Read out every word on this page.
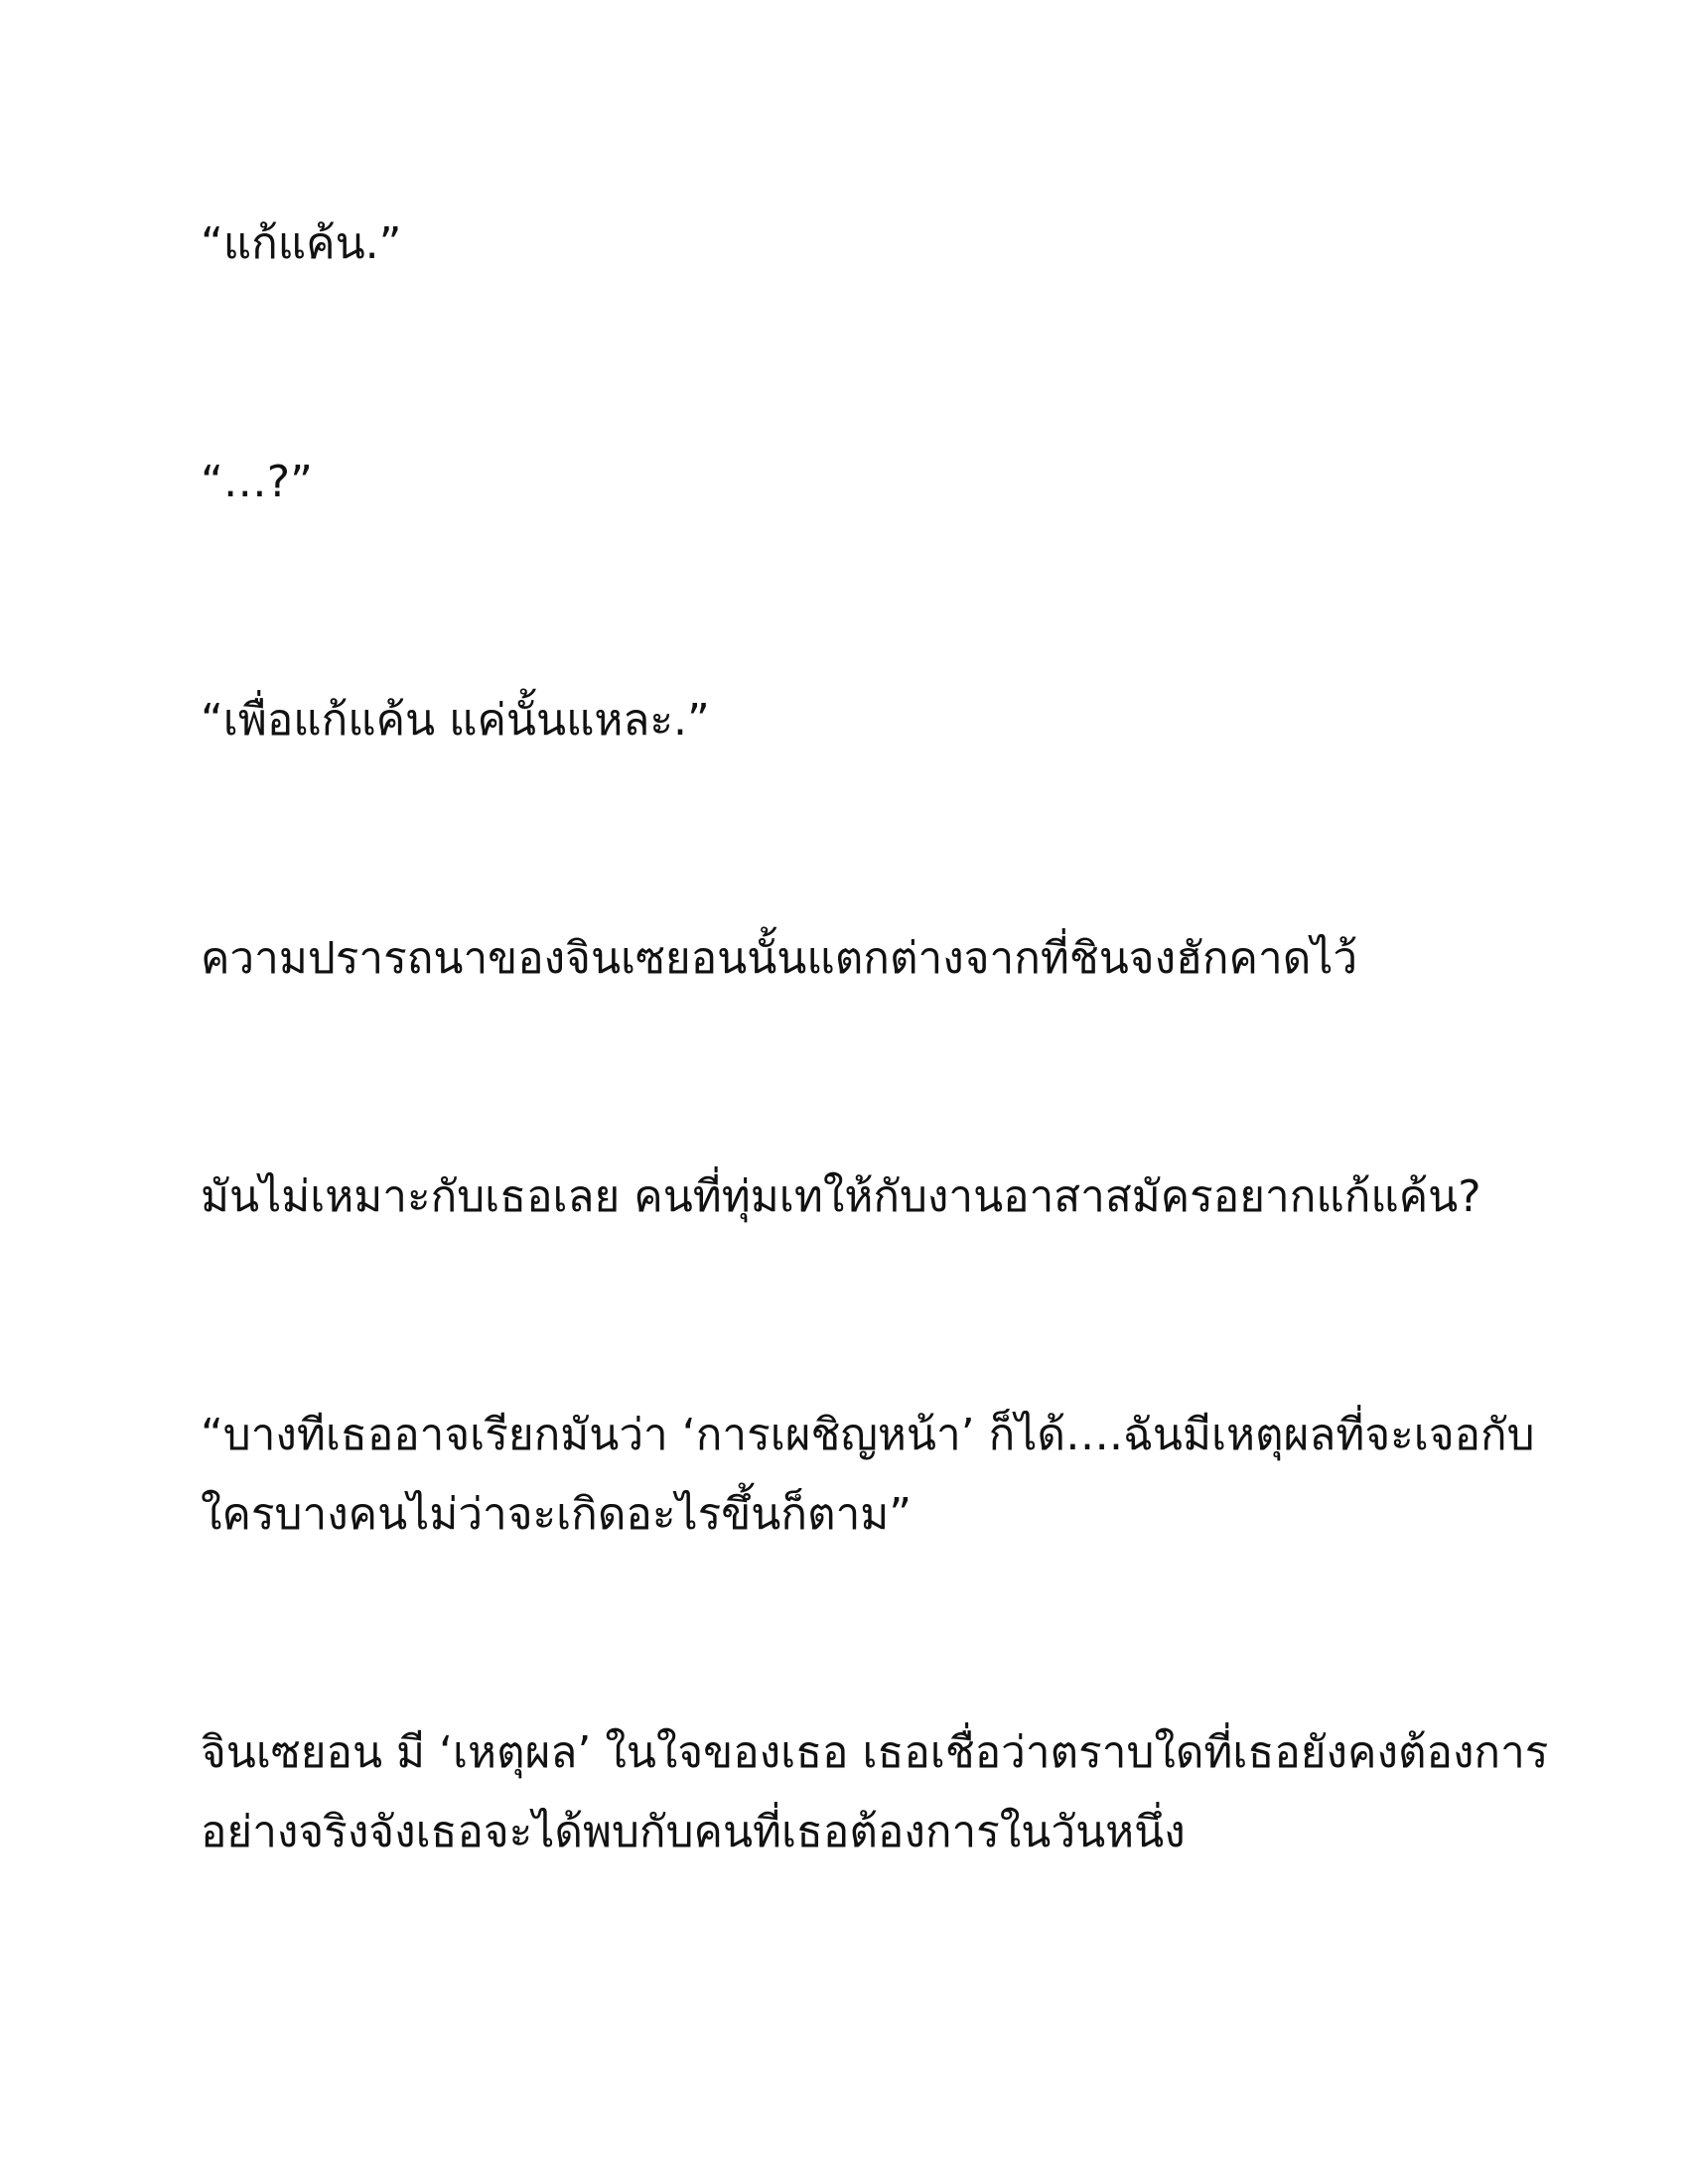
“แก้แค้น.”

“…?”

“เพื่อแก้แค้น แค่นั้นแหละ.”

ความปรารถนาของจินเซยอนนั้นแตกต่างจากที่ชินจงฮักคาดไว้

มันไม่เหมาะกับเธอเลย คนที่ทุ่มเทให้กับงานอาสาสมัครอยากแก้แค้น?

“บางทีเธออาจเรียกมันว่า ‘การเผชิญหน้า’ ก็ได้….ฉันมีเหตุผลที่จะเจอกับ
ใครบางคนไม่ว่าจะเกิดอะไรขึ้นก็ตาม”

จินเซยอน มี ‘เหตุผล’ ในใจของเธอ เธอเชื่อว่าตราบใดที่เธอยังคงต้องการ
อย่างจริงจังเธอจะได้พบกับคนที่เธอต้องการในวันหนึ่ง
